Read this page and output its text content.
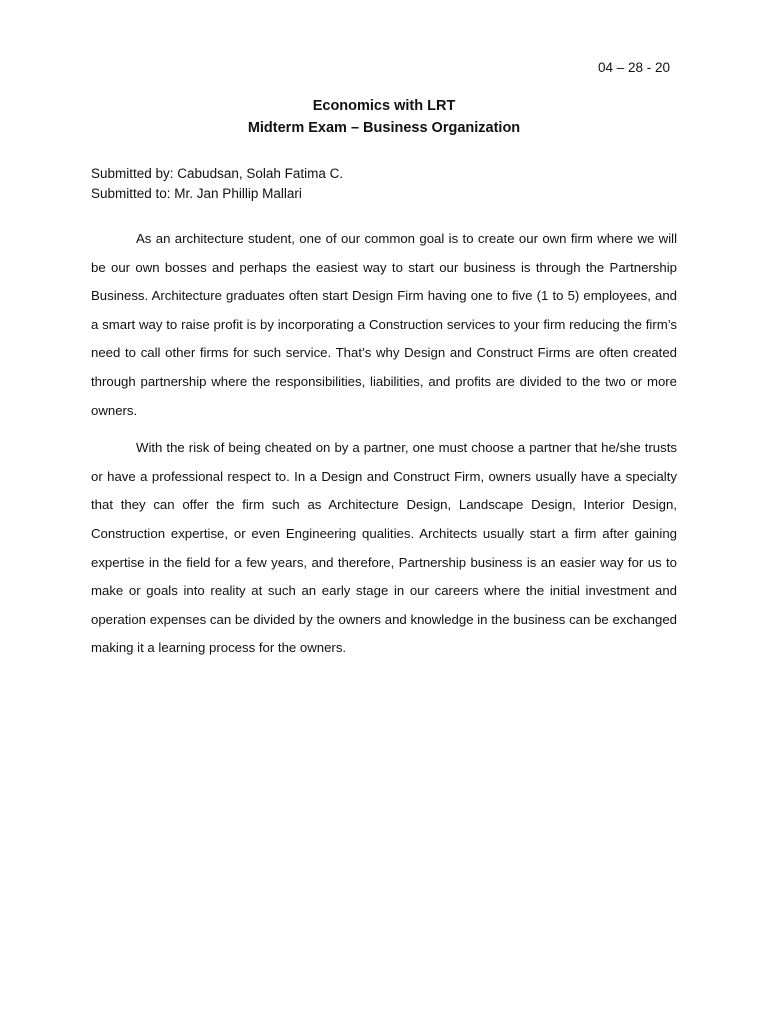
04 – 28 - 20
Economics with LRT
Midterm Exam – Business Organization
Submitted by: Cabudsan, Solah Fatima C.
Submitted to: Mr. Jan Phillip Mallari

As an architecture student, one of our common goal is to create our own firm where we will be our own bosses and perhaps the easiest way to start our business is through the Partnership Business. Architecture graduates often start Design Firm having one to five (1 to 5) employees, and a smart way to raise profit is by incorporating a Construction services to your firm reducing the firm’s need to call other firms for such service. That’s why Design and Construct Firms are often created through partnership where the responsibilities, liabilities, and profits are divided to the two or more owners.

With the risk of being cheated on by a partner, one must choose a partner that he/she trusts or have a professional respect to. In a Design and Construct Firm, owners usually have a specialty that they can offer the firm such as Architecture Design, Landscape Design, Interior Design, Construction expertise, or even Engineering qualities. Architects usually start a firm after gaining expertise in the field for a few years, and therefore, Partnership business is an easier way for us to make or goals into reality at such an early stage in our careers where the initial investment and operation expenses can be divided by the owners and knowledge in the business can be exchanged making it a learning process for the owners.
